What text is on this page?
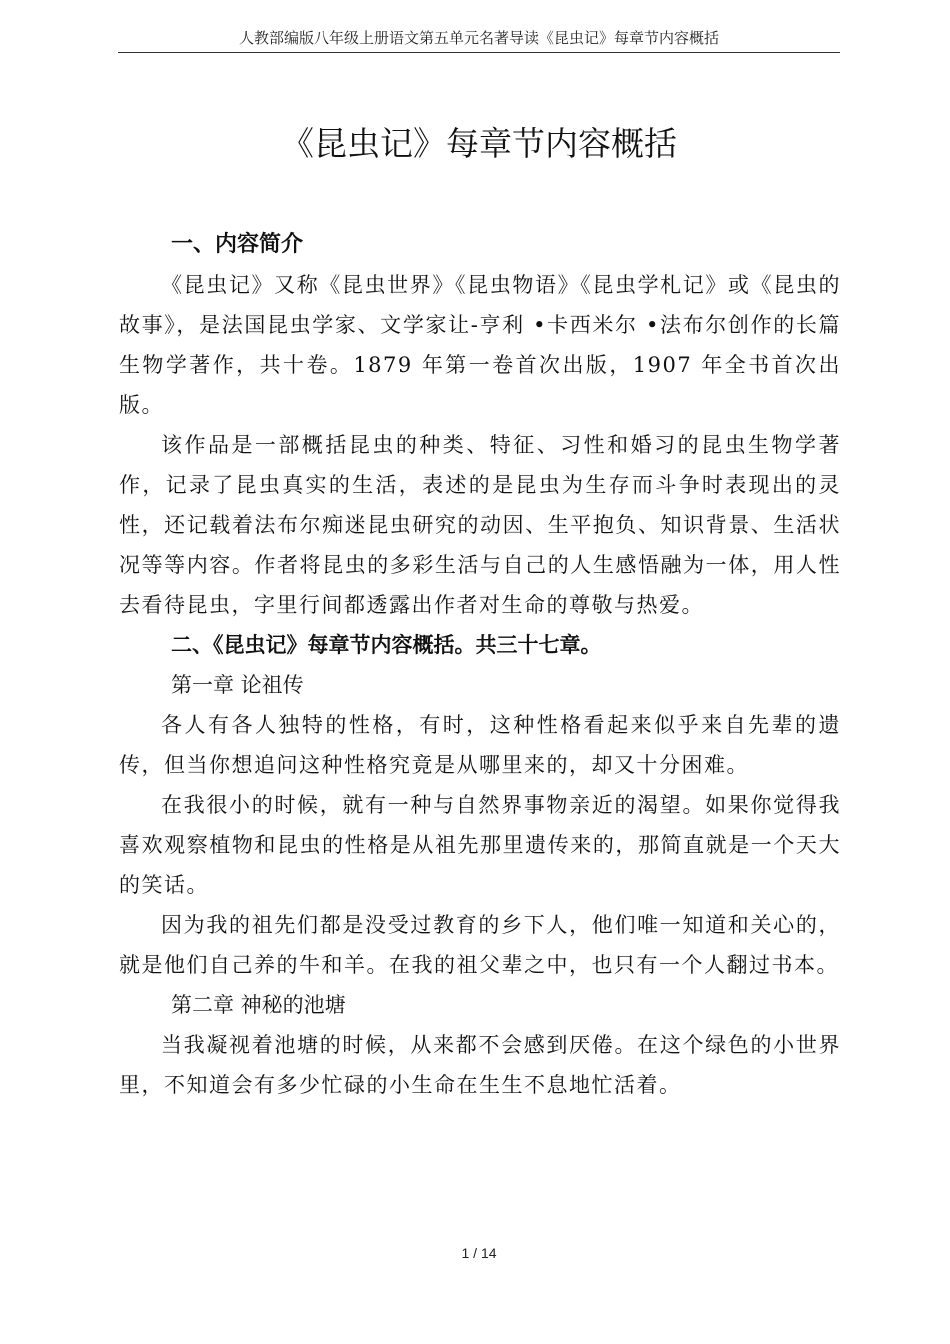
人教部编版八年级上册语文第五单元名著导读《昆虫记》每章节内容概括
《昆虫记》每章节内容概括
一、内容简介

《昆虫记》又称《昆虫世界》《昆虫物语》《昆虫学札记》或《昆虫的故事》，是法国昆虫学家、文学家让-亨利 •卡西米尔 •法布尔创作的长篇生物学著作，共十卷。1879 年第一卷首次出版，1907 年全书首次出版。

该作品是一部概括昆虫的种类、特征、习性和婚习的昆虫生物学著作，记录了昆虫真实的生活，表述的是昆虫为生存而斗争时表现出的灵性，还记载着法布尔痴迷昆虫研究的动因、生平抱负、知识背景、生活状况等等内容。作者将昆虫的多彩生活与自己的人生感悟融为一体，用人性去看待昆虫，字里行间都透露出作者对生命的尊敬与热爱。

二、《昆虫记》每章节内容概括。共三十七章。
第一章 论祖传

各人有各人独特的性格，有时，这种性格看起来似乎来自先辈的遗传，但当你想追问这种性格究竟是从哪里来的，却又十分困难。

在我很小的时候，就有一种与自然界事物亲近的渴望。如果你觉得我喜欢观察植物和昆虫的性格是从祖先那里遗传来的，那简直就是一个天大的笑话。

因为我的祖先们都是没受过教育的乡下人，他们唯一知道和关心的，就是他们自己养的牛和羊。在我的祖父辈之中，也只有一个人翻过书本。

第二章 神秘的池塘

当我凝视着池塘的时候，从来都不会感到厌倦。在这个绿色的小世界里，不知道会有多少忙碌的小生命在生生不息地忙活着。

1 / 14
